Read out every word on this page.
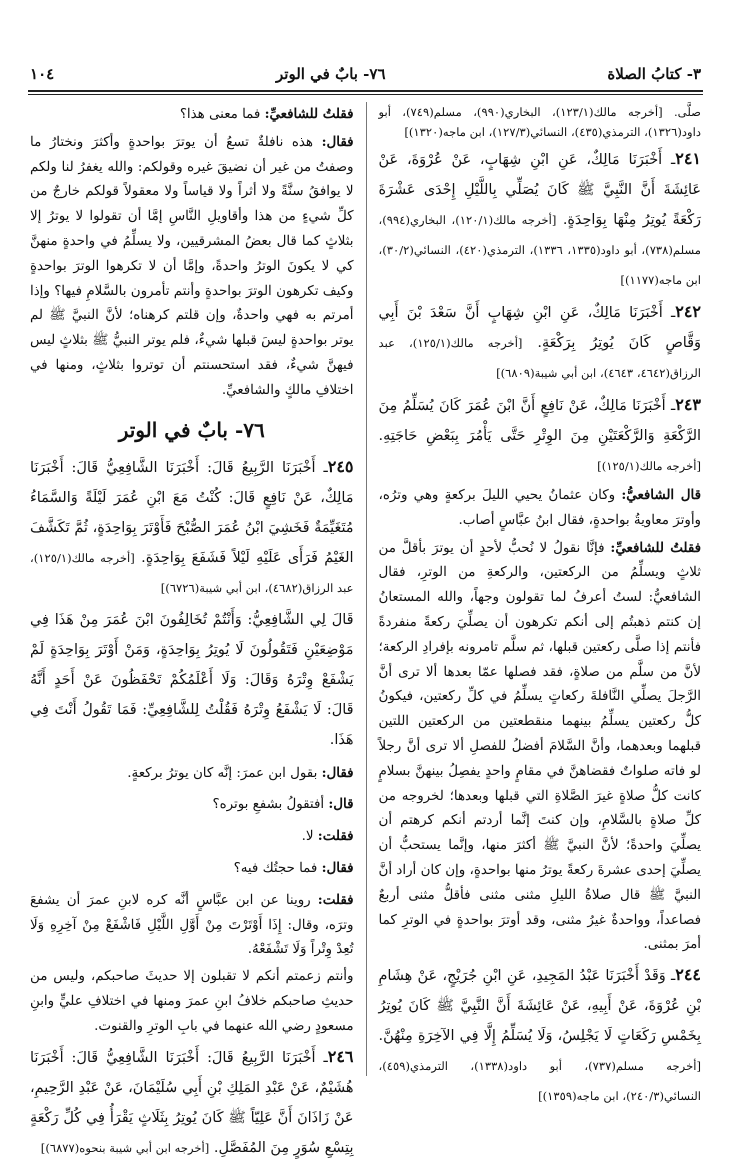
٣- كتابُ الصلاة
٧٦- بابٌ في الوتر
١٠٤

صلَّى. [أخرجه مالك(١٢٣/١)، البخاري(٩٩٠)، مسلم(٧٤٩)، أبو داود(١٣٢٦)، الترمذي(٤٣٥)، النسائي(١٢٧/٣)، ابن ماجه(١٣٢٠)]

٢٤١ـ أَخْبَرَنَا مَالِكٌ، عَنِ ابْنِ شِهَابٍ، عَنْ عُرْوَةَ، عَنْ عَائِشَةَ أَنَّ النَّبِيَّ ﷺ كَانَ يُصَلِّي بِاللَّيْلِ إِحْدَى عَشْرَةَ رَكْعَةً يُوتِرُ مِنْهَا بِوَاحِدَةٍ. [أخرجه مالك(١٢٠/١)، البخاري(٩٩٤)، مسلم(٧٣٨)، أبو داود(١٣٣٥، ١٣٣٦)، الترمذي(٤٢٠)، النسائي(٣٠/٢)، ابن ماجه(١١٧٧)]

٢٤٢ـ أَخْبَرَنَا مَالِكٌ، عَنِ ابْنِ شِهَابٍ أَنَّ سَعْدَ بْنَ أَبِي وَقَّاصٍ كَانَ يُوتِرُ بِرَكْعَةٍ. [أخرجه مالك(١٢٥/١)، عبد الرزاق(٤٦٤٢، ٤٦٤٣)، ابن أبي شيبة(٦٨٠٩)]

٢٤٣ـ أَخْبَرَنَا مَالِكٌ، عَنْ نَافِعٍ أَنَّ ابْنَ عُمَرَ كَانَ يُسَلِّمُ مِنَ الرَّكْعَةِ وَالرَّكْعَتَيْنِ مِنَ الوِتْرِ حَتَّى يَأْمُرَ بِبَعْضِ حَاجَتِهِ. [أخرجه مالك(١٢٥/١)]

قال الشافعيُّ: وكان عثمانُ يحيي الليلَ بركعةٍ وهي وترُه، وأوترَ معاويةُ بواحدةٍ، فقال ابنُ عبَّاسٍ أصاب.

فقلتُ للشافعيِّ: فإنَّا نقولُ لا نُحبُّ لأحدٍ أن يوترَ بأقلَّ من ثلاثٍ ويسلِّمُ من الركعتين، والركعةِ من الوترِ، فقال الشافعيُّ: لستُ أعرفُ لما تقولون وجهاً، والله المستعانُ إن كنتم ذهبتُم إلى أنكم تكرهون أن يصلِّيَ ركعةً منفردةً فأنتم إذا صلَّى ركعتين قبلها، ثم سلَّم تامرونه بإفرادِ الركعة؛ لأنَّ من سلَّم من صلاةٍ، فقد فصلها عمّا بعدها ألا ترى أنَّ الرَّجلَ يصلِّي النَّافلةَ ركعاتٍ يسلِّمُ في كلِّ ركعتين، فيكونُ كلُّ ركعتين يسلِّمُ بينهما منقطعتين من الركعتين اللتين قبلهما وبعدهما، وأنَّ السَّلامَ أفضلُ للفصلِ ألا ترى أنَّ رجلاً لو فاته صلواتٌ فقضاهنَّ في مقامٍ واحدٍ يفصِلُ بينهنَّ بسلامٍ كانت كلُّ صلاةٍ غيرَ الصَّلاةِ التي قبلها وبعدها؛ لخروجه من كلِّ صلاةٍ بالسَّلامِ، وإن كنتَ إنَّما أردتم أنكم كرهتم أن يصلِّيَ واحدةً؛ لأنَّ النبيَّ ﷺ أكثرَ منها، وإنَّما يستحبُّ أن يصلِّيَ إحدى عشرةَ ركعةً يوترُ منها بواحدةٍ، وإن كان أراد أنَّ النبيَّ ﷺ قال صلاةُ الليلِ مثنى مثنى فأقلُّ مثنى أربعٌ فصاعداً، وواحدةٌ غيرُ مثنى، وقد أوترَ بواحدةٍ في الوترِ كما أمرَ بمثنى.

٢٤٤ـ وَقَدْ أَخْبَرَنَا عَبْدُ المَجِيدِ، عَنِ ابْنِ جُرَيْجٍ، عَنْ هِشَامِ بْنِ عُرْوَةَ، عَنْ أَبِيهِ، عَنْ عَائِشَةَ أَنَّ النَّبِيَّ ﷺ كَانَ يُوتِرُ بِخَمْسِ رَكَعَاتٍ لَا يَجْلِسُ، وَلَا يُسَلِّمُ إِلَّا فِي الآخِرَةِ مِنْهُنَّ. [أخرجه مسلم(٧٣٧)، أبو داود(١٣٣٨)، الترمذي(٤٥٩)، النسائي(٢٤٠/٣)، ابن ماجه(١٣٥٩)]

فقلتُ للشافعيِّ: فما معنى هذا؟

فقال: هذه نافلةٌ تسعُ أن يوترَ بواحدةٍ وأكثرَ ونختارُ ما وصفتُ من غير أن نضيقَ غيره وقولكم: والله يغفرُ لنا ولكم لا يوافقُ سنَّةً ولا أثراً ولا قياساً ولا معقولاً قولكم خارجٌ من كلِّ شيءٍ من هذا وأقاويلِ النَّاسِ إمَّا أن تقولوا لا يوترُ إلا بثلاثٍ كما قال بعضُ المشرقيين، ولا يسلِّمُ في واحدةٍ منهنَّ كي لا يكونَ الوترُ واحدةً، وإمَّا أن لا تكرهوا الوترَ بواحدةٍ وكيف تكرهون الوترَ بواحدةٍ وأنتم تأمرون بالسَّلامِ فيها؟ وإذا أمرتم به فهي واحدةٌ، وإن قلتم كرهناه؛ لأنَّ النبيَّ ﷺ لم يوتر بواحدةٍ ليسَ قبلها شيءٌ، فلم يوتر النبيُّ ﷺ بثلاثٍ ليس فيهنَّ شيءٌ، فقد استحسنتم أن توتروا بثلاثٍ، ومنها في اختلافِ مالكٍ والشافعيِّ.

٧٦- بابٌ في الوتر

٢٤٥ـ أَخْبَرَنَا الرَّبِيعُ قَالَ: أَخْبَرَنَا الشَّافِعِيُّ قَالَ: أَخْبَرَنَا مَالِكٌ، عَنْ نَافِعٍ قَالَ: كُنْتُ مَعَ ابْنِ عُمَرَ لَيْلَةً وَالسَّمَاءُ مُتَغَيِّمَةٌ فَخَشِيَ ابْنُ عُمَرَ الصُّبْحَ فَأَوْتَرَ بِوَاحِدَةٍ، ثُمَّ تَكَشَّفَ الغَيْمُ فَرَأَى عَلَيْهِ لَيْلاً فَشَفَعَ بِوَاحِدَةٍ. [أخرجه مالك(١٢٥/١)، عبد الرزاق(٤٦٨٢)، ابن أبي شيبة(٦٧٢٦)]

قَالَ لِي الشَّافِعِيُّ: وَأَنْتُمْ تُخَالِفُونَ ابْنَ عُمَرَ مِنْ هَذَا فِي مَوْضِعَيْنِ فَتَقُولُونَ لَا يُوتِرُ بِوَاحِدَةٍ، وَمَنْ أَوْتَرَ بِوَاحِدَةٍ لَمْ يَشْفَعْ وِتْرَهُ وَقَالَ: وَلَا أَعْلَمُكُمْ تَحْفَظُونَ عَنْ أَحَدٍ أَنَّهُ قَالَ: لَا يَشْفَعُ وِتْرَهُ فَقُلْتُ لِلشَّافِعِيِّ: فَمَا تَقُولُ أَنْتَ فِي هَذَا.

فقال: بقول ابن عمرَ: إنَّه كان يوترُ بركعةٍ.

قال: أفتقولُ بشفعِ بوتره؟

فقلت: لا.

فقال: فما حجتُك فيه؟

فقلت: روينا عن ابن عبَّاسٍ أنَّه كره لابنِ عمرَ أن يشفعَ وترَه، وقال: إِذَا أَوْتَرْتَ مِنْ أَوَّلِ اللَّيْلِ فَاشْفَعْ مِنْ آخِرِهِ وَلَا تُعِدْ وِتْراً وَلَا تَشْفَعْهُ.

وأنتم زعمتم أنكم لا تقبلون إلا حديثَ صاحبكم، وليس من حديثِ صاحبكم خلافُ ابنِ عمرَ ومنها في اختلافِ عليٍّ وابنِ مسعودٍ رضي الله عنهما في بابِ الوترِ والقنوت.

٢٤٦ـ أَخْبَرَنَا الرَّبِيعُ قَالَ: أَخْبَرَنَا الشَّافِعِيُّ قَالَ: أَخْبَرَنَا هُشَيْمٌ، عَنْ عَبْدِ المَلِكِ بْنِ أَبِي سُلَيْمَانَ، عَنْ عَبْدِ الرَّحِيمِ، عَنْ زَاذَانَ أَنَّ عَلِيّاً ﷺ كَانَ يُوتِرُ بِثَلَاثٍ يَقْرَأُ فِي كُلِّ رَكْعَةٍ بِتِسْعِ سُوَرٍ مِنَ المُفَصَّلِ. [أخرجه ابن أبي شيبة بنحوه(٦٨٧٧)]
